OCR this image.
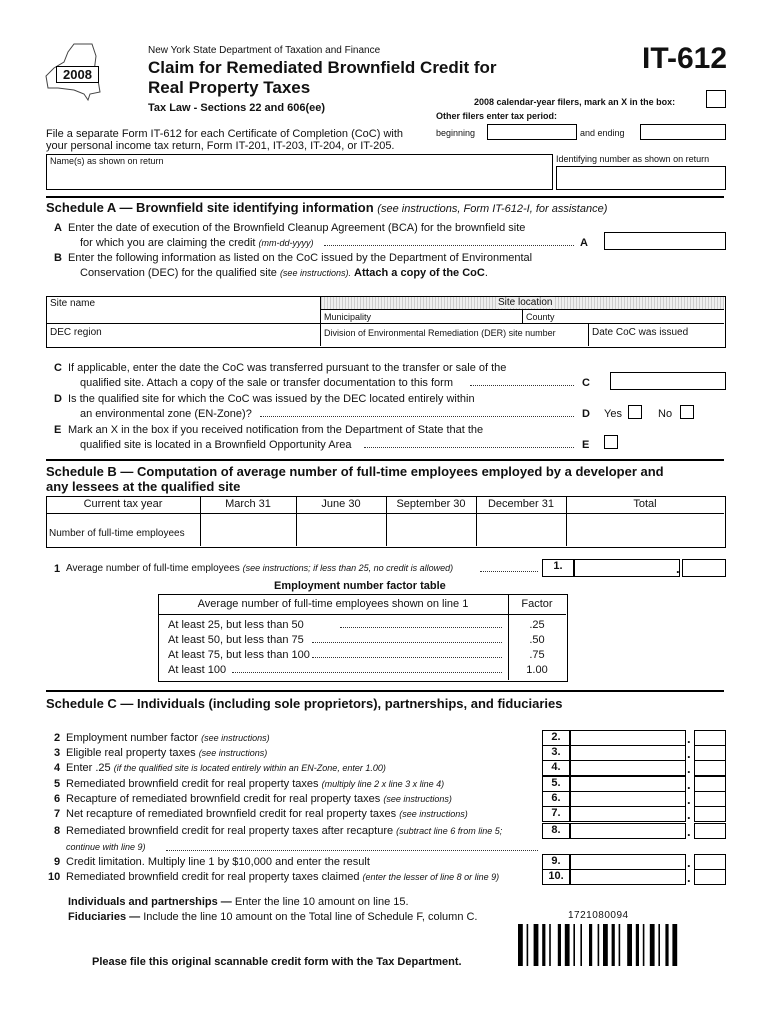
2008
New York State Department of Taxation and Finance
Claim for Remediated Brownfield Credit for
Real Property Taxes
Tax Law - Sections 22 and 606(ee)
IT-612
2008 calendar-year filers, mark an X in the box:
Other filers enter tax period:
beginning	and ending
File a separate Form IT-612 for each Certificate of Completion (CoC) with
your personal income tax return, Form IT-201, IT-203, IT-204, or IT-205.
Name(s) as shown on return	Identifying number as shown on return
Schedule A — Brownfield site identifying information (see instructions, Form IT-612-I, for assistance)
A Enter the date of execution of the Brownfield Cleanup Agreement (BCA) for the brownfield site
for which you are claiming the credit (mm-dd-yyyy)	A
B Enter the following information as listed on the CoC issued by the Department of Environmental
Conservation (DEC) for the qualified site (see instructions). Attach a copy of the CoC.
Site name	Site location
Municipality	County
DEC region	Division of Environmental Remediation (DER) site number	Date CoC was issued
C If applicable, enter the date the CoC was transferred pursuant to the transfer or sale of the
qualified site. Attach a copy of the sale or transfer documentation to this form	C
D Is the qualified site for which the CoC was issued by the DEC located entirely within
an environmental zone (EN-Zone)?	D Yes	No
E Mark an X in the box if you received notification from the Department of State that the
qualified site is located in a Brownfield Opportunity Area	E
Schedule B — Computation of average number of full-time employees employed by a developer and
any lessees at the qualified site
Current tax year	March 31	June 30	September 30	December 31	Total
Number of full-time employees
1 Average number of full-time employees (see instructions; if less than 25, no credit is allowed)	1.	.
Employment number factor table
Average number of full-time employees shown on line 1	Factor
At least 25, but less than 50	.25
At least 50, but less than 75	.50
At least 75, but less than 100	.75
At least 100	1.00
Schedule C — Individuals (including sole proprietors), partnerships, and fiduciaries
2 Employment number factor (see instructions)	2.	.
3 Eligible real property taxes (see instructions)	3.	.
4 Enter .25 (if the qualified site is located entirely within an EN-Zone, enter 1.00)	4.	.
5 Remediated brownfield credit for real property taxes (multiply line 2 x line 3 x line 4)	5.	.
6 Recapture of remediated brownfield credit for real property taxes (see instructions)	6.	.
7 Net recapture of remediated brownfield credit for real property taxes (see instructions)	7.	.
8 Remediated brownfield credit for real property taxes after recapture (subtract line 6 from line 5;	8.	.
9 Credit limitation. Multiply line 1 by $10,000 and enter the result	9.	.
10 Remediated brownfield credit for real property taxes claimed (enter the lesser of line 8 or line 9)	10.	.
continue with line 9)
Individuals and partnerships — Enter the line 10 amount on line 15.
Fiduciaries — Include the line 10 amount on the Total line of Schedule F, column C.	1721080094
Please file this original scannable credit form with the Tax Department.
